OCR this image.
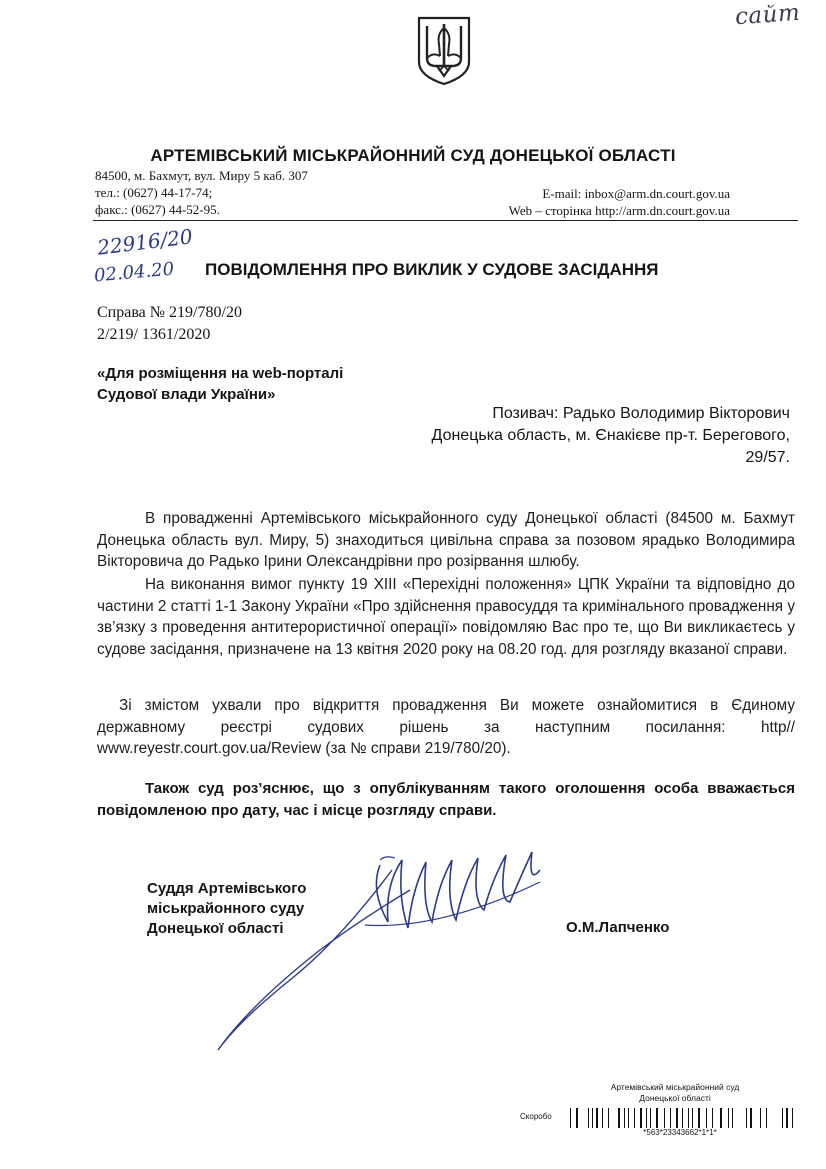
сайт
АРТЕМІВСЬКИЙ МІСЬКРАЙОННИЙ СУД ДОНЕЦЬКОЇ ОБЛАСТІ
84500, м. Бахмут, вул. Миру 5 каб. 307
тел.: (0627) 44-17-74;
факс.: (0627) 44-52-95.
E-mail: inbox@arm.dn.court.gov.ua
Web – сторінка http://arm.dn.court.gov.ua
22916/20
02.04.20 ПОВІДОМЛЕННЯ ПРО ВИКЛИК У СУДОВЕ ЗАСІДАННЯ
Справа № 219/780/20
2/219/ 1361/2020
«Для розміщення на web-порталі
Судової влади України»
Позивач: Радько Володимир Вікторович
Донецька область, м. Єнакієве пр-т. Берегового,
29/57.
В провадженні Артемівського міськрайонного суду Донецької області (84500 м. Бахмут Донецька область вул. Миру, 5) знаходиться цивільна справа за позовом ярадько Володимира Вікторовича до Радько Ірини Олександрівни про розірвання шлюбу.
На виконання вимог пункту 19 XIII «Перехідні положення» ЦПК України та відповідно до частини 2 статті 1-1 Закону України «Про здійснення правосуддя та кримінального провадження у зв’язку з проведення антитерористичної операції» повідомляю Вас про те, що Ви викликаєтесь у судове засідання, призначене на 13 квітня 2020 року на 08.20 год. для розгляду вказаної справи.
Зі змістом ухвали про відкриття провадження Ви можете ознайомитися в Єдиному державному реєстрі судових рішень за наступним посилання: http// www.reyestr.court.gov.ua/Review (за № справи 219/780/20).
Також суд роз’яснює, що з опублікуванням такого оголошення особа вважається повідомленою про дату, час і місце розгляду справи.
Суддя Артемівського
міськрайонного суду
Донецької області	О.М.Лапченко
Артемівський міськрайонний суд
Донецької області
Скоробо
*563*23343662*1*1*
